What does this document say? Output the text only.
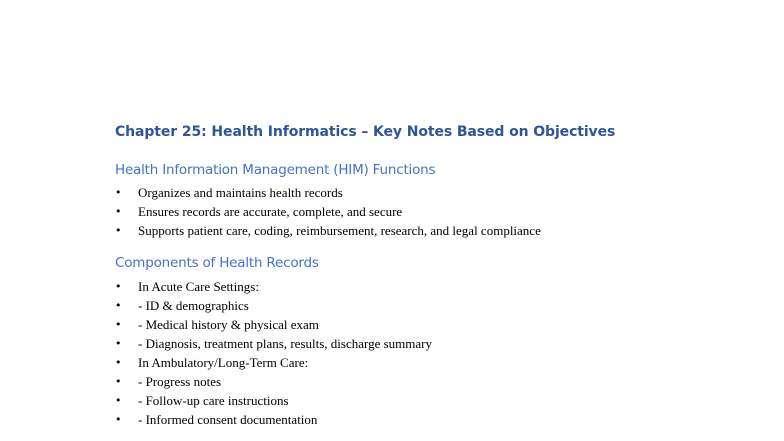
Chapter 25: Health Informatics – Key Notes Based on Objectives
Health Information Management (HIM) Functions
• Organizes and maintains health records
• Ensures records are accurate, complete, and secure
• Supports patient care, coding, reimbursement, research, and legal compliance
Components of Health Records
• In Acute Care Settings:
• - ID & demographics
• - Medical history & physical exam
• - Diagnosis, treatment plans, results, discharge summary
• In Ambulatory/Long-Term Care:
• - Progress notes
• - Follow-up care instructions
• - Informed consent documentation
